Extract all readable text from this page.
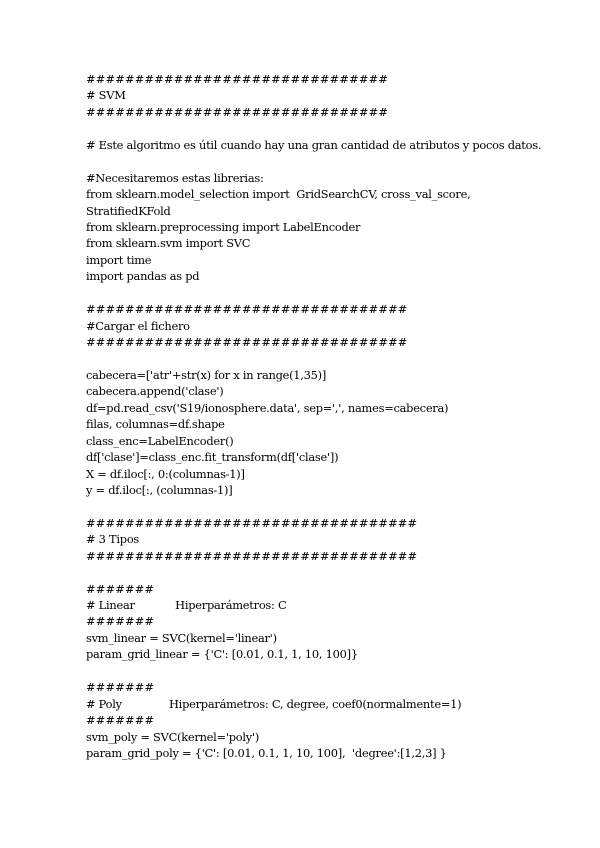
###############################
# SVM
###############################
# Este algoritmo es útil cuando hay una gran cantidad de atributos y pocos datos.
#Necesitaremos estas librerias:
from sklearn.model_selection import  GridSearchCV, cross_val_score,
StratifiedKFold
from sklearn.preprocessing import LabelEncoder
from sklearn.svm import SVC
import time
import pandas as pd
#################################
#Cargar el fichero
#################################
cabecera=['atr'+str(x) for x in range(1,35)]
cabecera.append('clase')
df=pd.read_csv('S19/ionosphere.data', sep=',', names=cabecera)
filas, columnas=df.shape
class_enc=LabelEncoder()
df['clase']=class_enc.fit_transform(df['clase'])
X = df.iloc[:, 0:(columnas-1)]
y = df.iloc[:, (columnas-1)]
##################################
# 3 Tipos
##################################
#######
# Linear            Hiperparámetros: C
#######
svm_linear = SVC(kernel='linear')
param_grid_linear = {'C': [0.01, 0.1, 1, 10, 100]}
#######
# Poly              Hiperparámetros: C, degree, coef0(normalmente=1)
#######
svm_poly = SVC(kernel='poly')
param_grid_poly = {'C': [0.01, 0.1, 1, 10, 100],  'degree':[1,2,3] }
